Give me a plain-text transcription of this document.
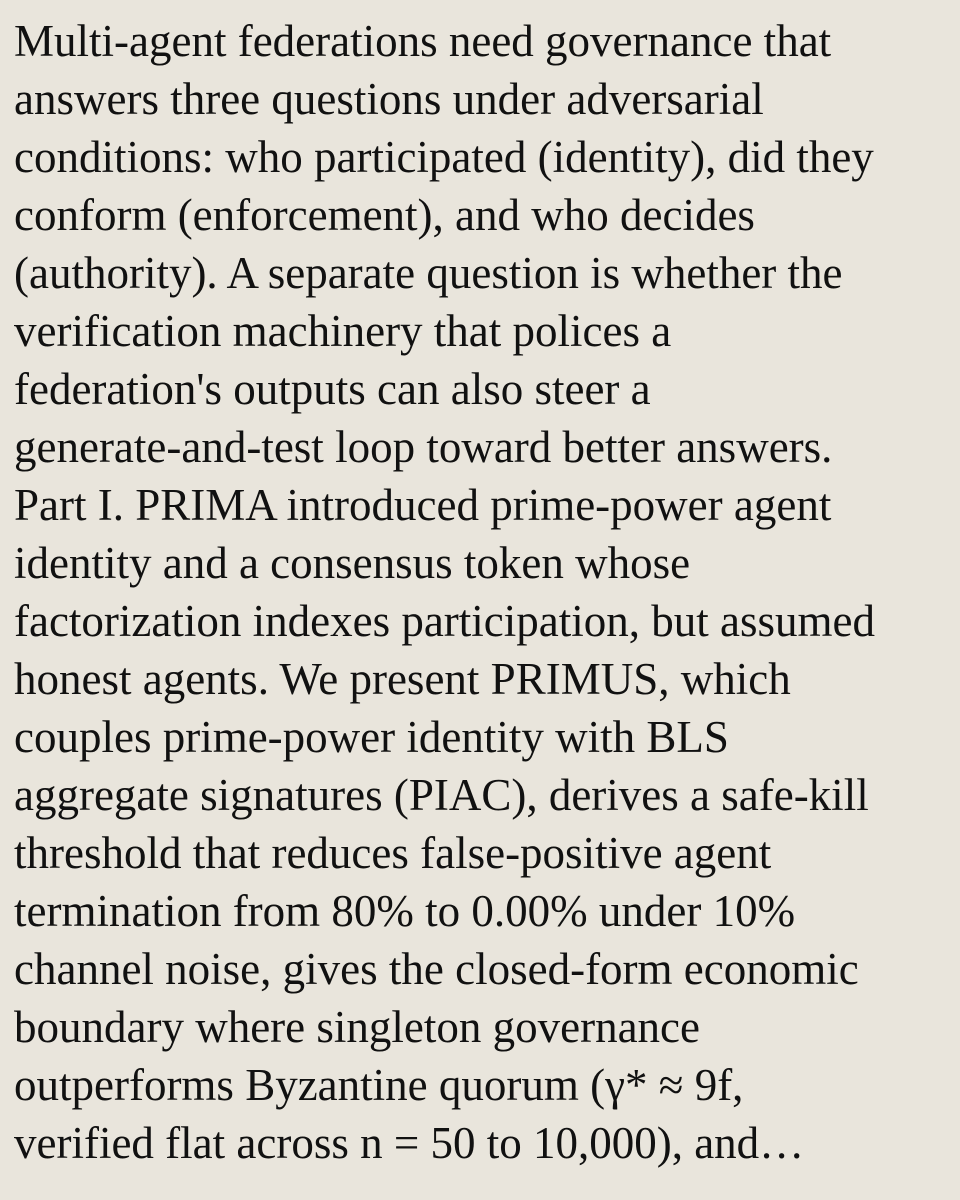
Multi-agent federations need governance that
answers three questions under adversarial
conditions: who participated (identity), did they
conform (enforcement), and who decides
(authority). A separate question is whether the
verification machinery that polices a
federation's outputs can also steer a
generate-and-test loop toward better answers.
Part I. PRIMA introduced prime-power agent
identity and a consensus token whose
factorization indexes participation, but assumed
honest agents. We present PRIMUS, which
couples prime-power identity with BLS
aggregate signatures (PIAC), derives a safe-kill
threshold that reduces false-positive agent
termination from 80% to 0.00% under 10%
channel noise, gives the closed-form economic
boundary where singleton governance
outperforms Byzantine quorum (γ* ≈ 9f,
verified flat across n = 50 to 10,000), and…
